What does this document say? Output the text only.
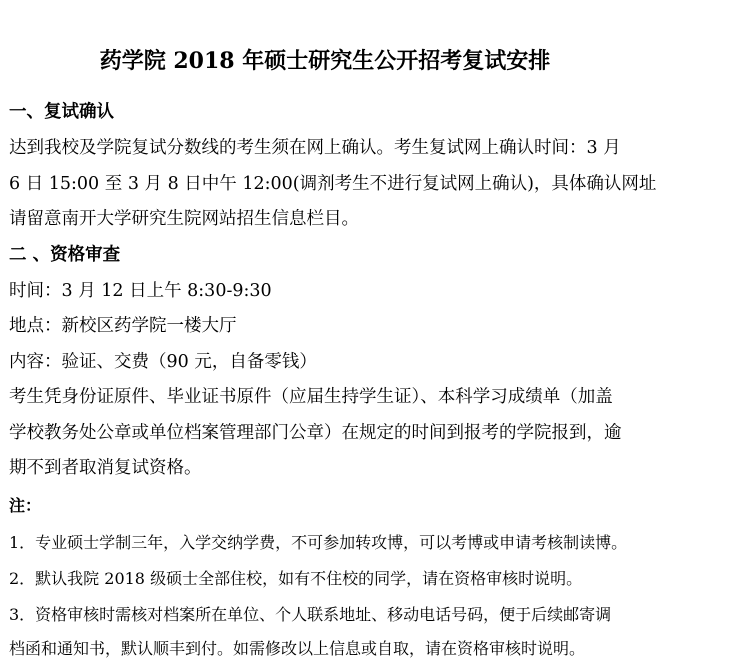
药学院 2018 年硕士研究生公开招考复试安排
一、复试确认
达到我校及学院复试分数线的考生须在网上确认。考生复试网上确认时间：3 月
6 日 15:00 至 3 月 8 日中午 12:00(调剂考生不进行复试网上确认)，具体确认网址
请留意南开大学研究生院网站招生信息栏目。
二 、资格审查
时间：3 月 12 日上午 8:30-9:30
地点：新校区药学院一楼大厅
内容：验证、交费（90 元，自备零钱）
考生凭身份证原件、毕业证书原件（应届生持学生证）、本科学习成绩单（加盖
学校教务处公章或单位档案管理部门公章）在规定的时间到报考的学院报到，逾
期不到者取消复试资格。
注：
1．专业硕士学制三年，入学交纳学费，不可参加转攻博，可以考博或申请考核制读博。
2．默认我院 2018 级硕士全部住校，如有不住校的同学，请在资格审核时说明。
3．资格审核时需核对档案所在单位、个人联系地址、移动电话号码，便于后续邮寄调
档函和通知书，默认顺丰到付。如需修改以上信息或自取，请在资格审核时说明。
